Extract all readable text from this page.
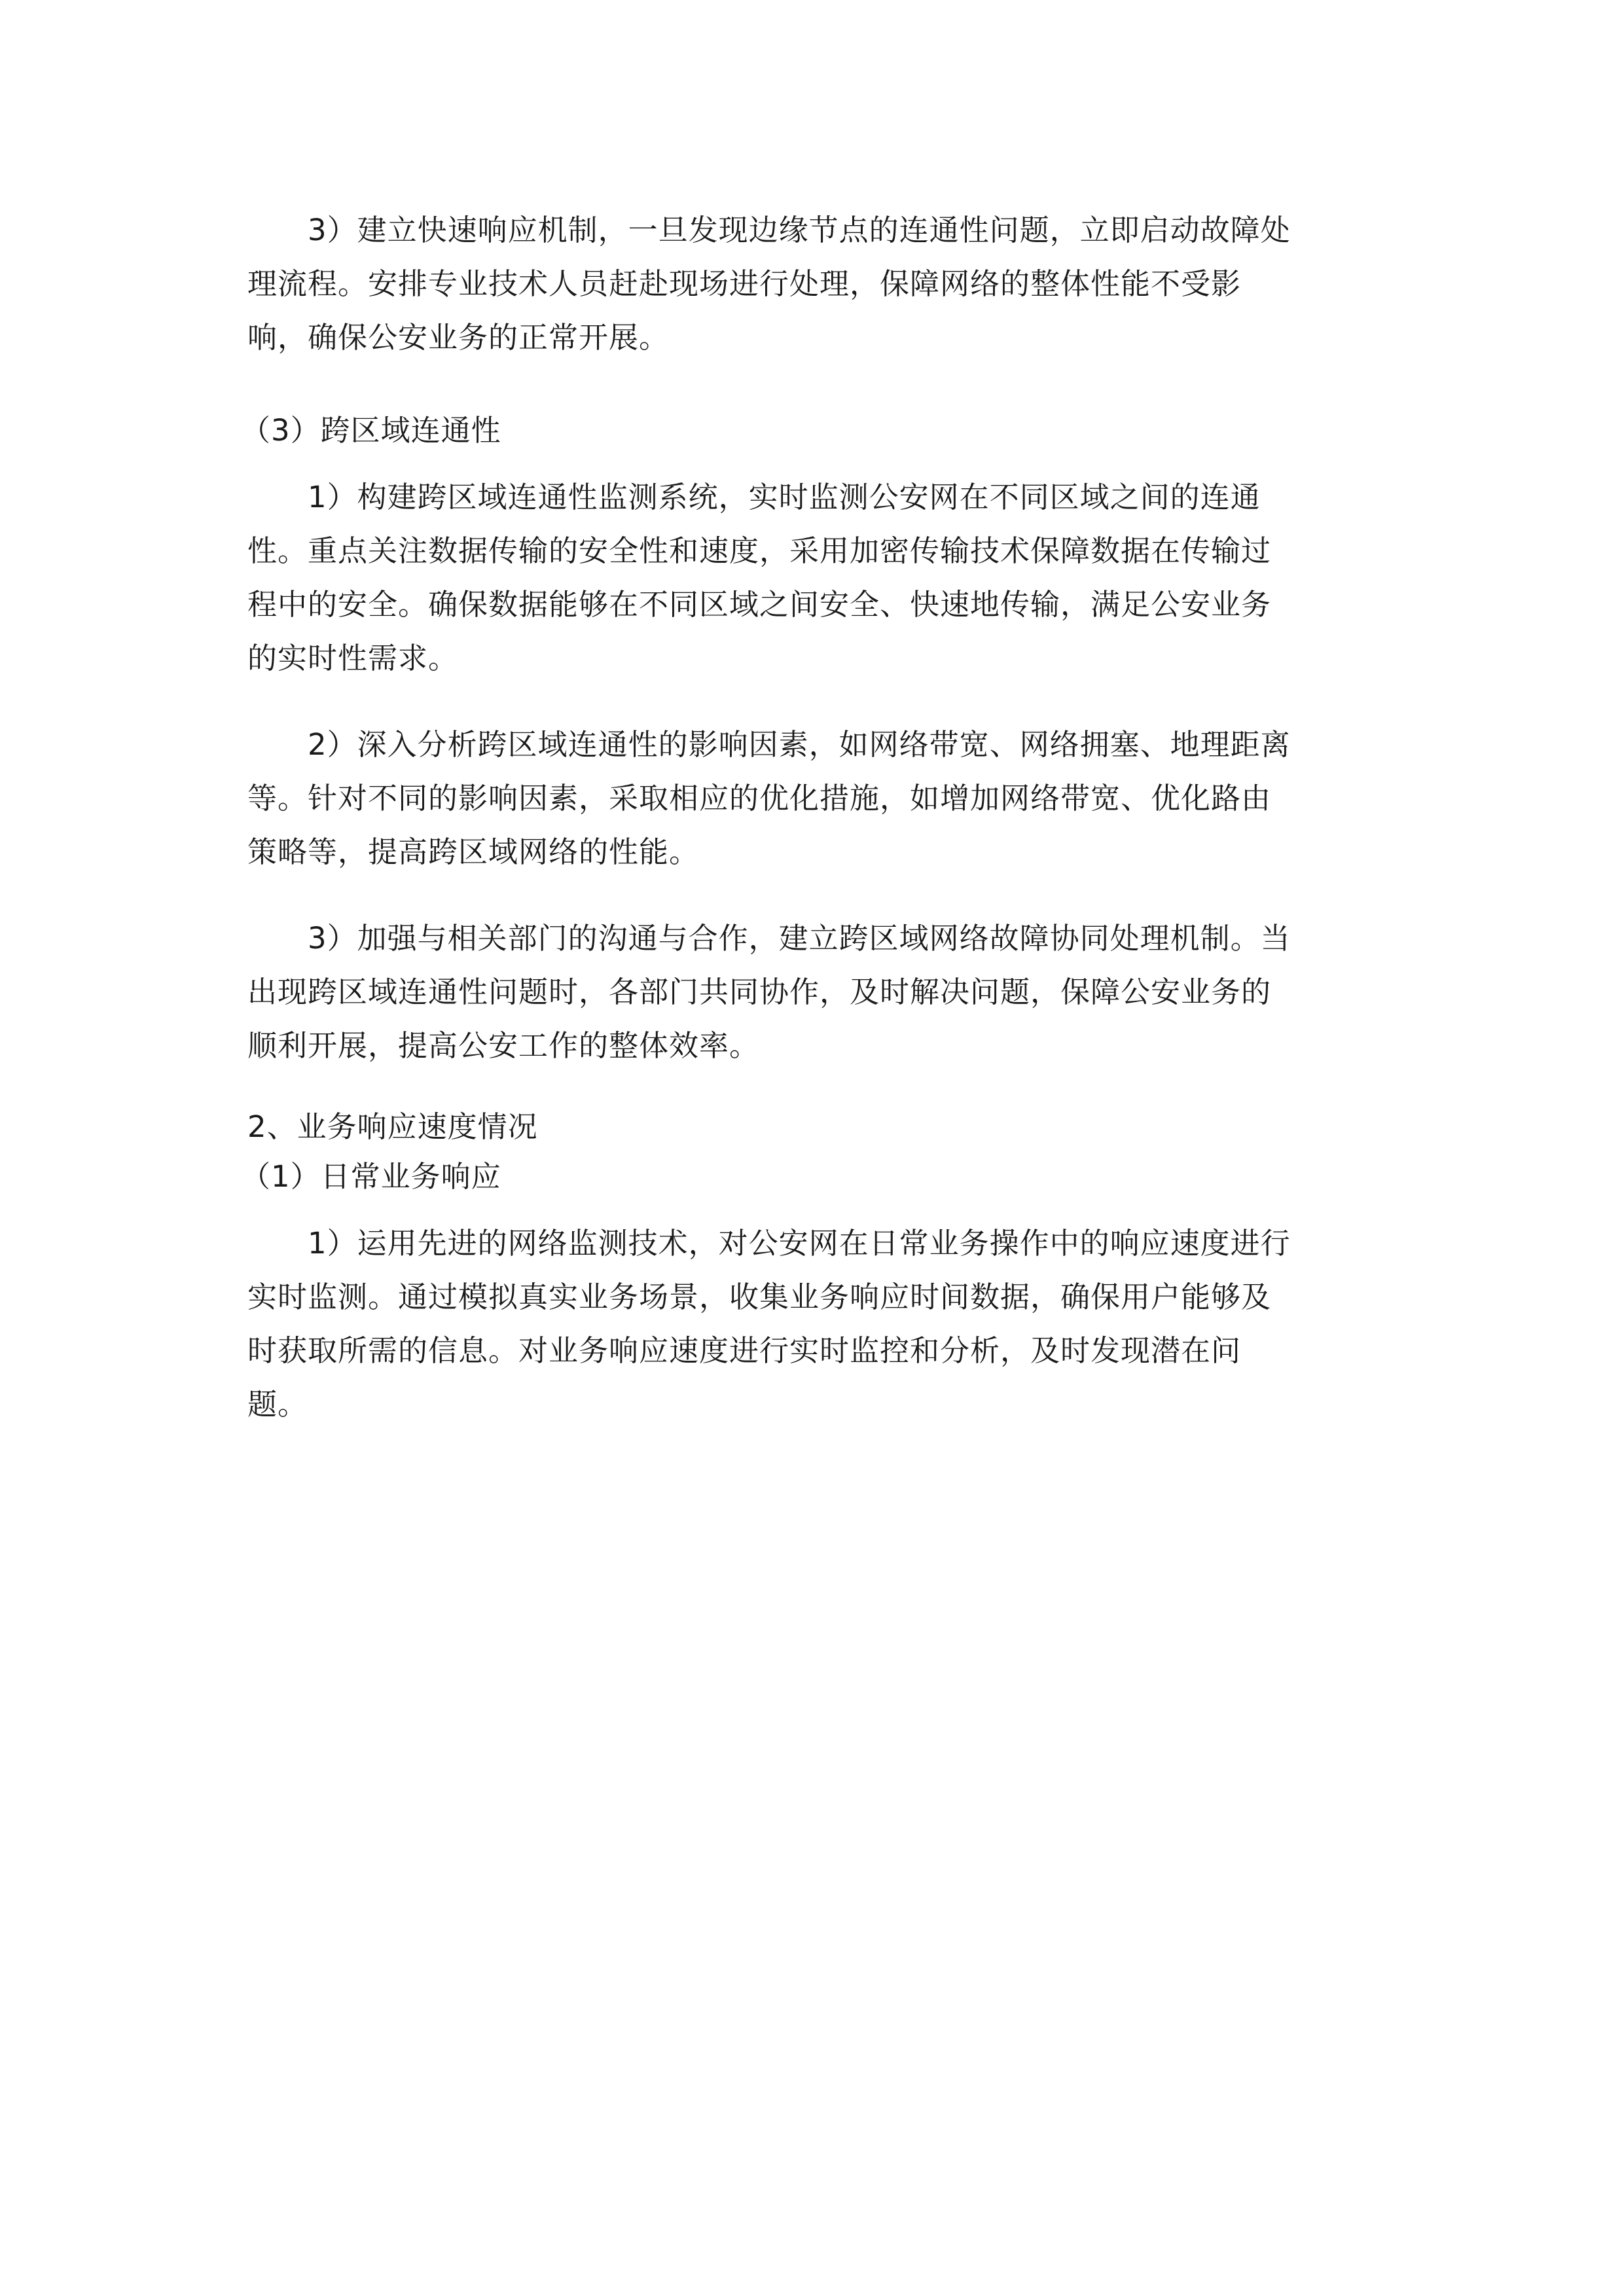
3）建立快速响应机制，一旦发现边缘节点的连通性问题，立即启动故障处
理流程。安排专业技术人员赶赴现场进行处理，保障网络的整体性能不受影
响，确保公安业务的正常开展。
（3）跨区域连通性
1）构建跨区域连通性监测系统，实时监测公安网在不同区域之间的连通
性。重点关注数据传输的安全性和速度，采用加密传输技术保障数据在传输过
程中的安全。确保数据能够在不同区域之间安全、快速地传输，满足公安业务
的实时性需求。
2）深入分析跨区域连通性的影响因素，如网络带宽、网络拥塞、地理距离
等。针对不同的影响因素，采取相应的优化措施，如增加网络带宽、优化路由
策略等，提高跨区域网络的性能。
3）加强与相关部门的沟通与合作，建立跨区域网络故障协同处理机制。当
出现跨区域连通性问题时，各部门共同协作，及时解决问题，保障公安业务的
顺利开展，提高公安工作的整体效率。
2、业务响应速度情况
（1）日常业务响应
1）运用先进的网络监测技术，对公安网在日常业务操作中的响应速度进行
实时监测。通过模拟真实业务场景，收集业务响应时间数据，确保用户能够及
时获取所需的信息。对业务响应速度进行实时监控和分析，及时发现潜在问
题。
